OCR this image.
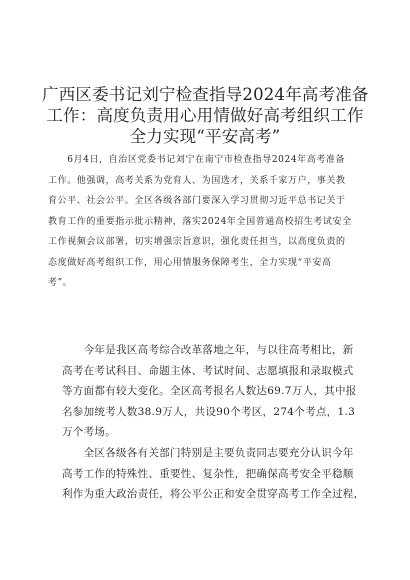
广西区委书记刘宁检查指导2024年高考准备
工作：高度负责用心用情做好高考组织工作
全力实现“平安高考”
　　6月4日，自治区党委书记刘宁在南宁市检查指导2024年高考准备
工作。他强调，高考关系为党育人、为国选才，关系千家万户，事关教
育公平、社会公平。全区各级各部门要深入学习贯彻习近平总书记关于
教育工作的重要指示批示精神，落实2024年全国普通高校招生考试安全
工作视频会议部署，切实增强宗旨意识，强化责任担当，以高度负责的
态度做好高考组织工作，用心用情服务保障考生，全力实现“平安高
考”。
　　今年是我区高考综合改革落地之年，与以往高考相比，新
高考在考试科目、命题主体、考试时间、志愿填报和录取模式
等方面都有较大变化。全区高考报名人数达69.7万人，其中报
名参加统考人数38.9万人，共设90个考区，274个考点，1.3
万个考场。
　　全区各级各有关部门特别是主要负责同志要充分认识今年
高考工作的特殊性、重要性、复杂性，把确保高考安全平稳顺
利作为重大政治责任，将公平公正和安全贯穿高考工作全过程，
